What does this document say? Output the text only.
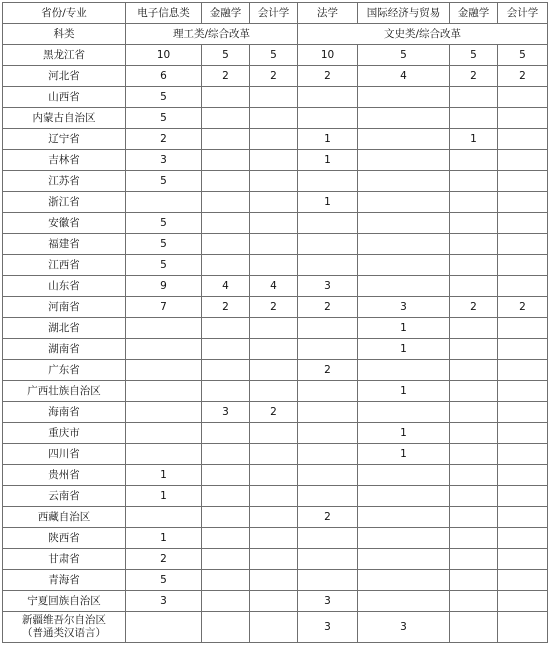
省份/专业	电子信息类	金融学	会计学	法学	国际经济与贸易	金融学	会计学
科类	理工类/综合改革			文史类/综合改革			
黑龙江省	10	5	5	10	5	5	5
河北省	6	2	2	2	4	2	2
山西省	5						
内蒙古自治区	5						
辽宁省	2			1		1	
吉林省	3			1			
江苏省	5						
浙江省				1			
安徽省	5						
福建省	5						
江西省	5						
山东省	9	4	4	3			
河南省	7	2	2	2	3	2	2
湖北省					1		
湖南省					1		
广东省				2			
广西壮族自治区					1		
海南省		3	2				
重庆市					1		
四川省					1		
贵州省	1						
云南省	1						
西藏自治区				2			
陕西省	1						
甘肃省	2						
青海省	5						
宁夏回族自治区	3			3			

新疆维吾尔自治区
（普通类汉语言）				3	3		
